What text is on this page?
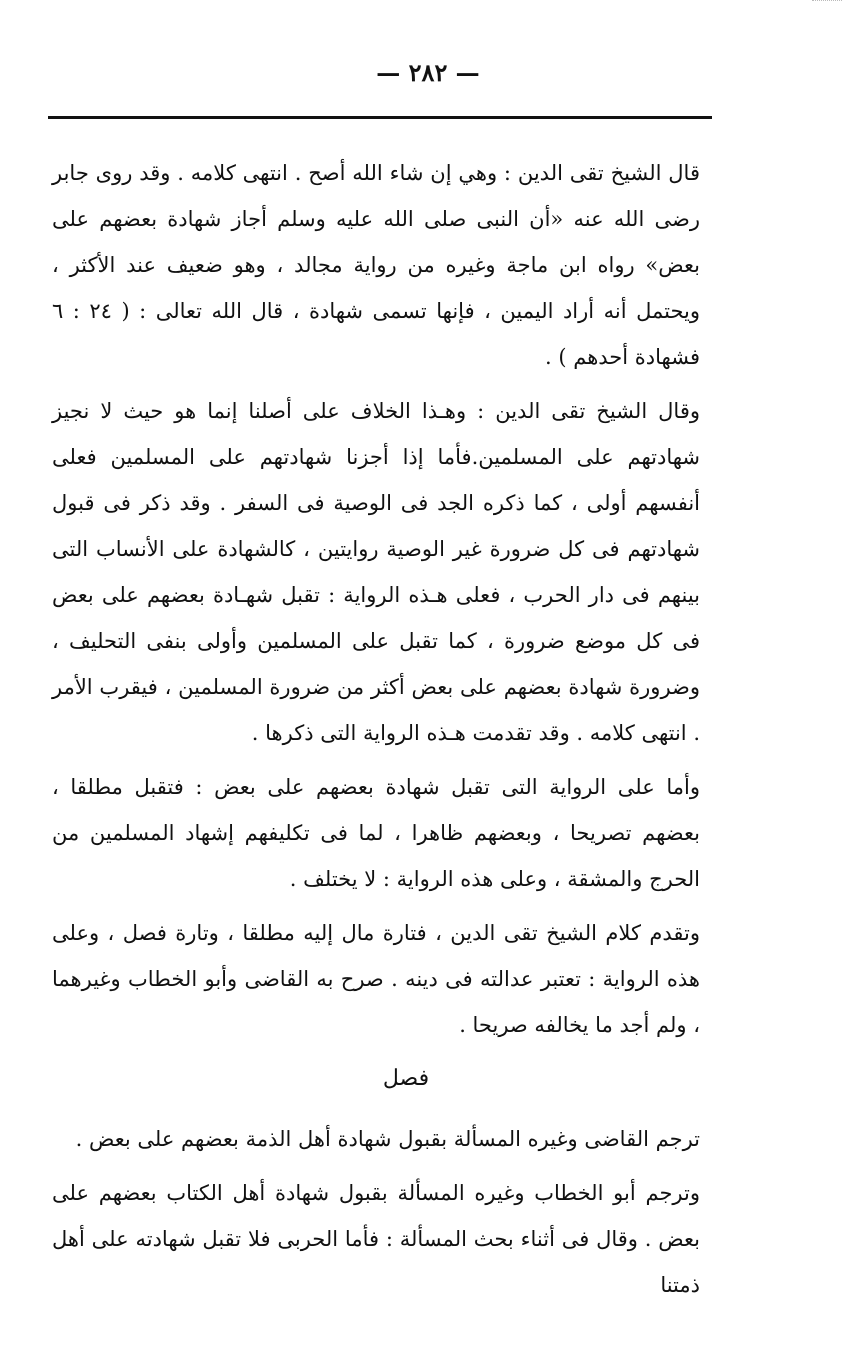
— ٢٨٢ —

قال الشيخ تقى الدين : وهي إن شاء الله أصح . انتهى كلامه . وقد روى جابر رضى الله عنه «أن النبى صلى الله عليه وسلم أجاز شهادة بعضهم على بعض» رواه ابن ماجة وغيره من رواية مجالد ، وهو ضعيف عند الأكثر ، ويحتمل أنه أراد اليمين ، فإنها تسمى شهادة ، قال الله تعالى : ( ٢٤ : ٦ فشهادة أحدهم ) .

وقال الشيخ تقى الدين : وهـذا الخلاف على أصلنا إنما هو حيث لا نجيز شهادتهم على المسلمين.فأما إذا أجزنا شهادتهم على المسلمين فعلى أنفسهم أولى ، كما ذكره الجد فى الوصية فى السفر . وقد ذكر فى قبول شهادتهم فى كل ضرورة غير الوصية روايتين ، كالشهادة على الأنساب التى بينهم فى دار الحرب ، فعلى هـذه الرواية : تقبل شهـادة بعضهم على بعض فى كل موضع ضرورة ، كما تقبل على المسلمين وأولى بنفى التحليف ، وضرورة شهادة بعضهم على بعض أكثر من ضرورة المسلمين ، فيقرب الأمر . انتهى كلامه . وقد تقدمت هـذه الرواية التى ذكرها .

وأما على الرواية التى تقبل شهادة بعضهم على بعض : فتقبل مطلقا ، بعضهم تصريحا ، وبعضهم ظاهرا ، لما فى تكليفهم إشهاد المسلمين من الحرج والمشقة ، وعلى هذه الرواية : لا يختلف .

وتقدم كلام الشيخ تقى الدين ، فتارة مال إليه مطلقا ، وتارة فصل ، وعلى هذه الرواية : تعتبر عدالته فى دينه . صرح به القاضى وأبو الخطاب وغيرهما ، ولم أجد ما يخالفه صريحا .

فصل

ترجم القاضى وغيره المسألة بقبول شهادة أهل الذمة بعضهم على بعض .

وترجم أبو الخطاب وغيره المسألة بقبول شهادة أهل الكتاب بعضهم على بعض . وقال فى أثناء بحث المسألة : فأما الحربى فلا تقبل شهادته على أهل ذمتنا
